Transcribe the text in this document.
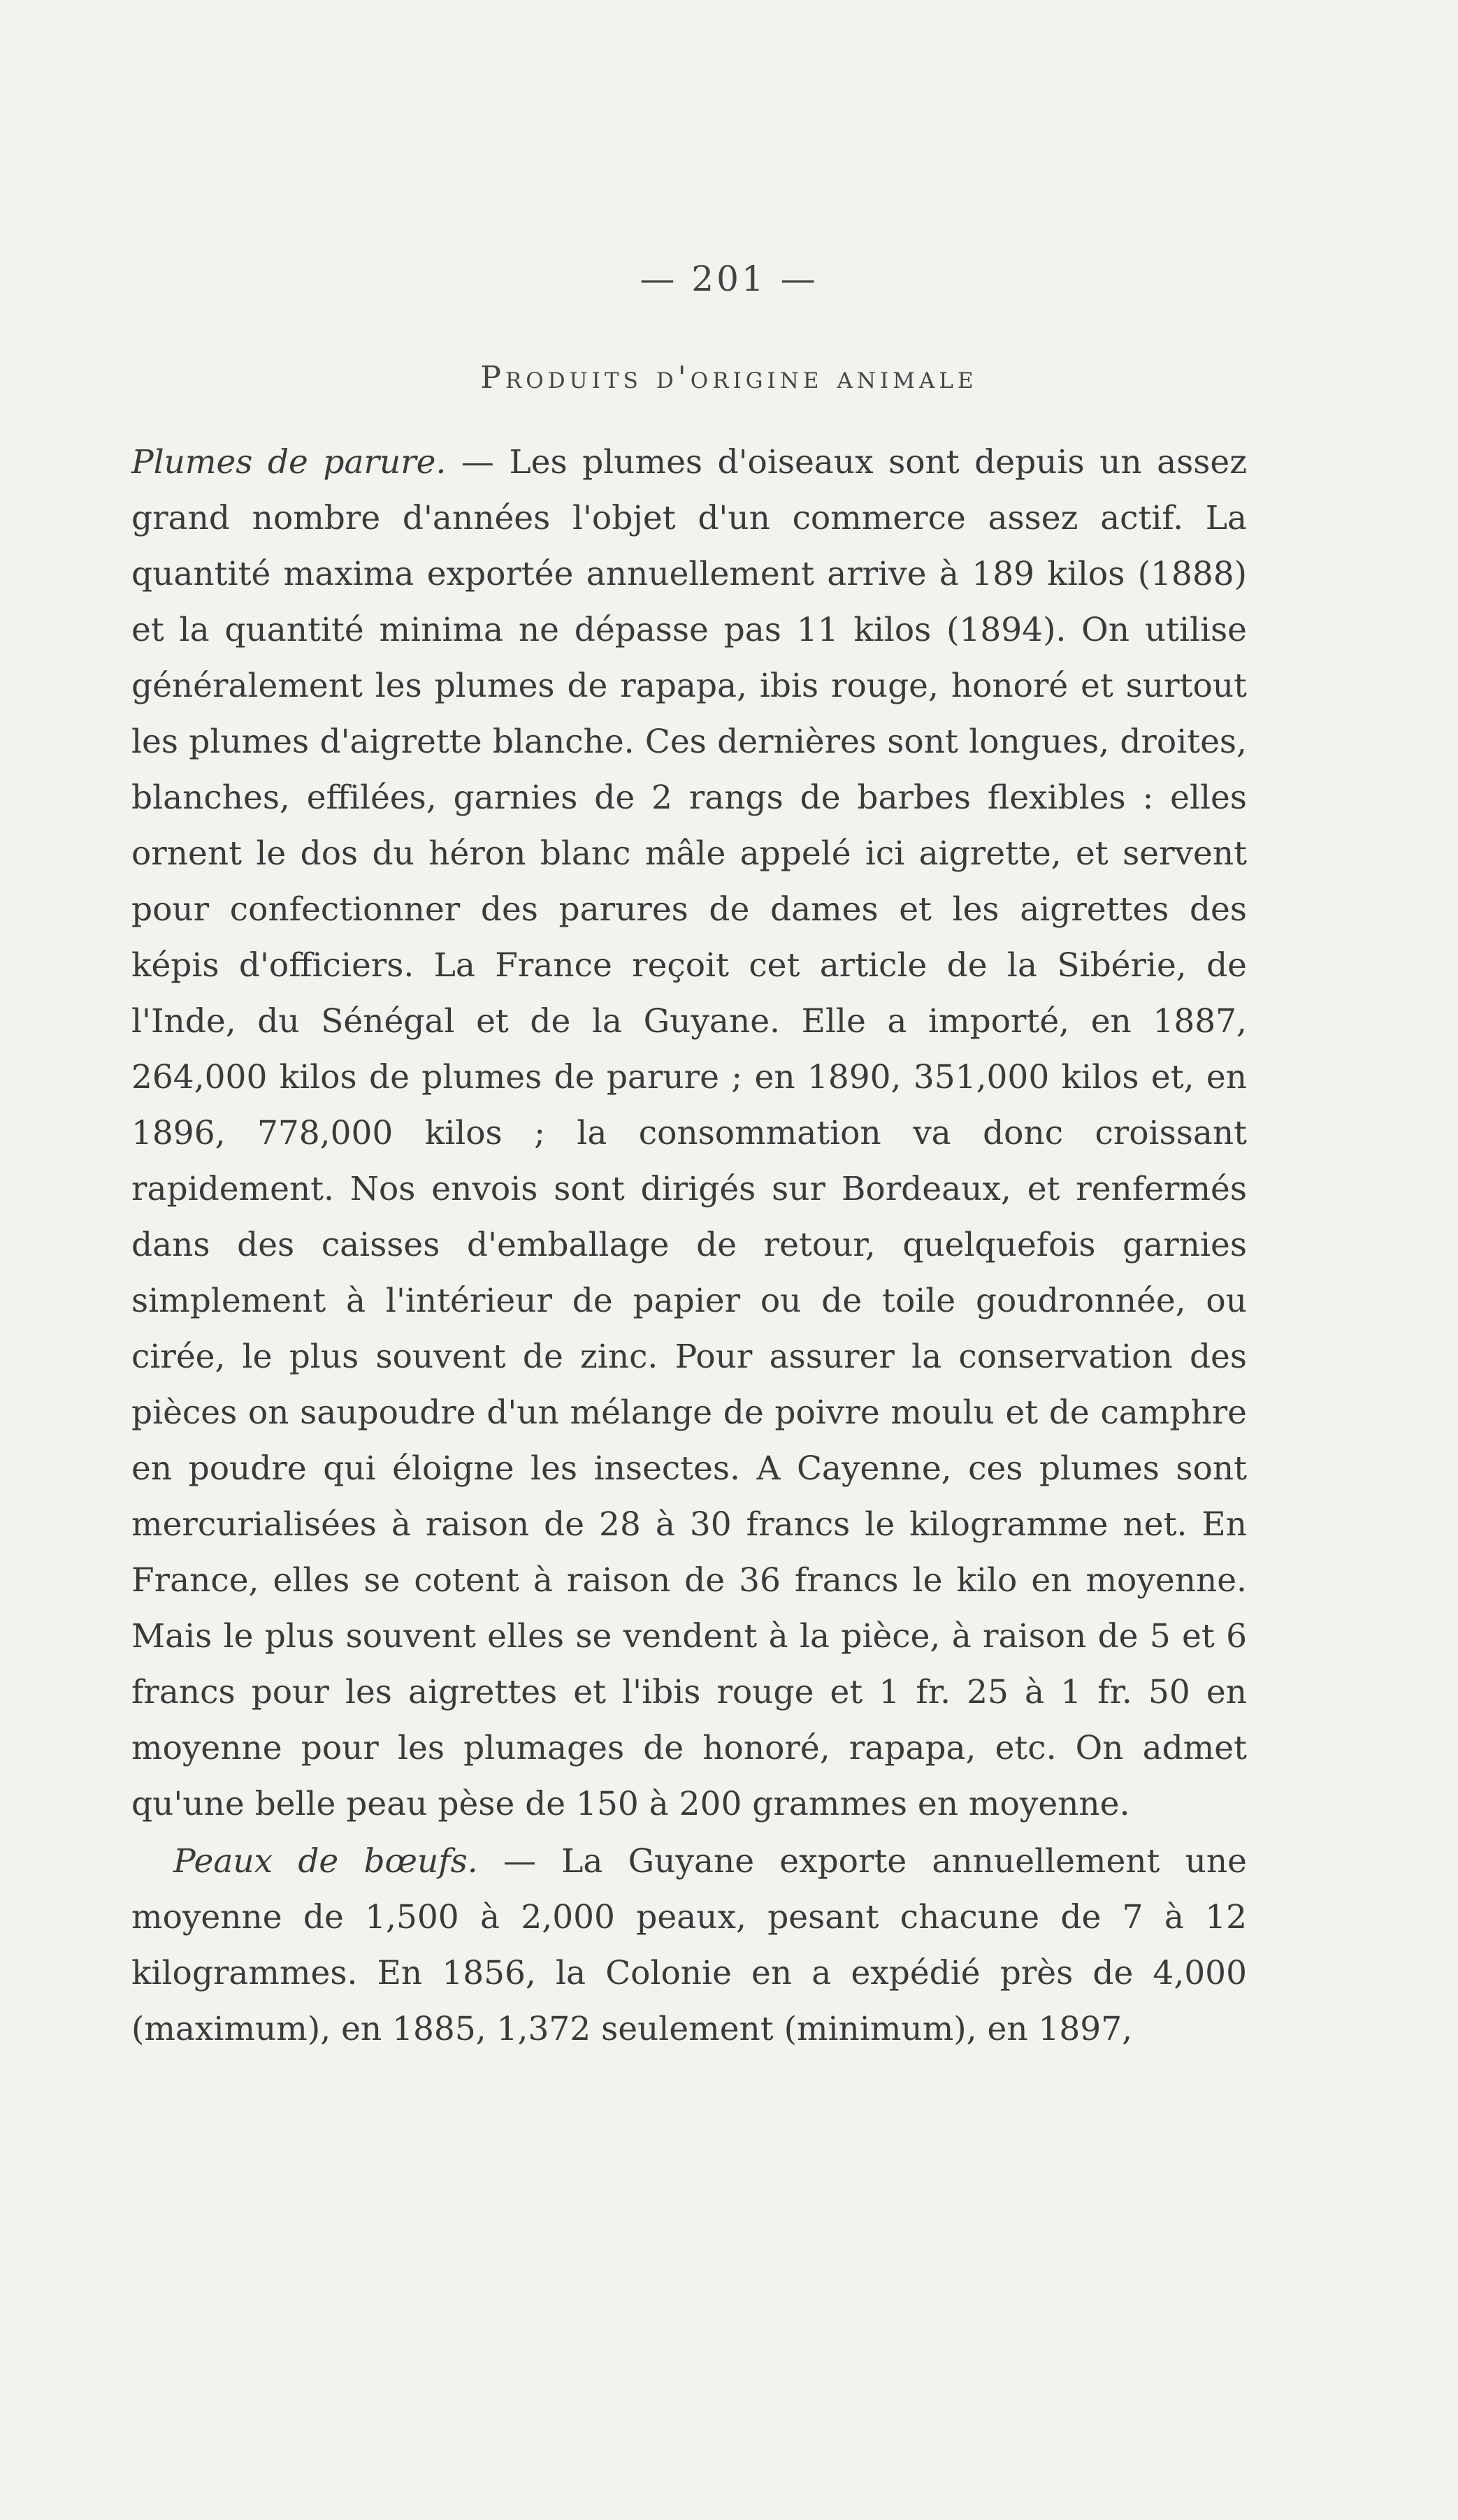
— 201 —
Produits d'origine animale

Plumes de parure. — Les plumes d'oiseaux sont depuis un assez grand nombre d'années l'objet d'un commerce assez actif. La quantité maxima exportée annuellement arrive à 189 kilos (1888) et la quantité minima ne dépasse pas 11 kilos (1894). On utilise généralement les plumes de rapapa, ibis rouge, honoré et surtout les plumes d'aigrette blanche. Ces dernières sont longues, droites, blanches, effilées, garnies de 2 rangs de barbes flexibles : elles ornent le dos du héron blanc mâle appelé ici aigrette, et servent pour confectionner des parures de dames et les aigrettes des képis d'officiers. La France reçoit cet article de la Sibérie, de l'Inde, du Sénégal et de la Guyane. Elle a importé, en 1887, 264,000 kilos de plumes de parure ; en 1890, 351,000 kilos et, en 1896, 778,000 kilos ; la consommation va donc croissant rapidement. Nos envois sont dirigés sur Bordeaux, et renfermés dans des caisses d'emballage de retour, quelquefois garnies simplement à l'intérieur de papier ou de toile goudronnée, ou cirée, le plus souvent de zinc. Pour assurer la conservation des pièces on saupoudre d'un mélange de poivre moulu et de camphre en poudre qui éloigne les insectes. A Cayenne, ces plumes sont mercurialisées à raison de 28 à 30 francs le kilogramme net. En France, elles se cotent à raison de 36 francs le kilo en moyenne. Mais le plus souvent elles se vendent à la pièce, à raison de 5 et 6 francs pour les aigrettes et l'ibis rouge et 1 fr. 25 à 1 fr. 50 en moyenne pour les plumages de honoré, rapapa, etc. On admet qu'une belle peau pèse de 150 à 200 grammes en moyenne.

Peaux de bœufs. — La Guyane exporte annuellement une moyenne de 1,500 à 2,000 peaux, pesant chacune de 7 à 12 kilogrammes. En 1856, la Colonie en a expédié près de 4,000 (maximum), en 1885, 1,372 seulement (minimum), en 1897,
